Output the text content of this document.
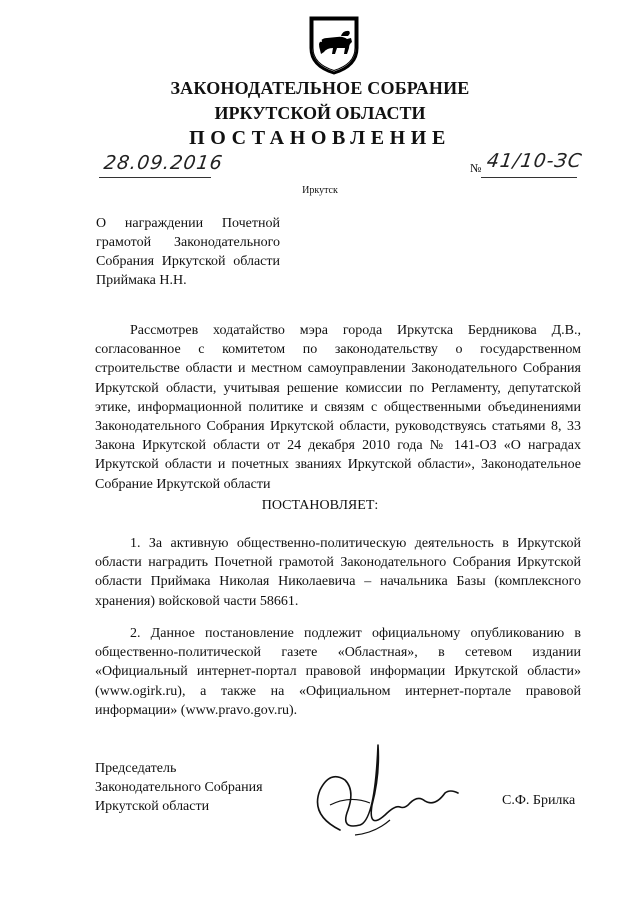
ЗАКОНОДАТЕЛЬНОЕ СОБРАНИЕ
ИРКУТСКОЙ ОБЛАСТИ
ПОСТАНОВЛЕНИЕ
28.09.2016	№ 41/10-ЗС
Иркутск
О награждении Почетной грамотой Законодательного Собрания Иркутской области Приймака Н.Н.
Рассмотрев ходатайство мэра города Иркутска Бердникова Д.В., согласованное с комитетом по законодательству о государственном строительстве области и местном самоуправлении Законодательного Собрания Иркутской области, учитывая решение комиссии по Регламенту, депутатской этике, информационной политике и связям с общественными объединениями Законодательного Собрания Иркутской области, руководствуясь статьями 8, 33 Закона Иркутской области от 24 декабря 2010 года № 141-ОЗ «О наградах Иркутской области и почетных званиях Иркутской области», Законодательное Собрание Иркутской области
ПОСТАНОВЛЯЕТ:
1. За активную общественно-политическую деятельность в Иркутской области наградить Почетной грамотой Законодательного Собрания Иркутской области Приймака Николая Николаевича – начальника Базы (комплексного хранения) войсковой части 58661.
2. Данное постановление подлежит официальному опубликованию в общественно-политической газете «Областная», в сетевом издании «Официальный интернет-портал правовой информации Иркутской области» (www.ogirk.ru), а также на «Официальном интернет-портале правовой информации» (www.pravo.gov.ru).
Председатель
Законодательного Собрания
Иркутской области	С.Ф. Брилка
